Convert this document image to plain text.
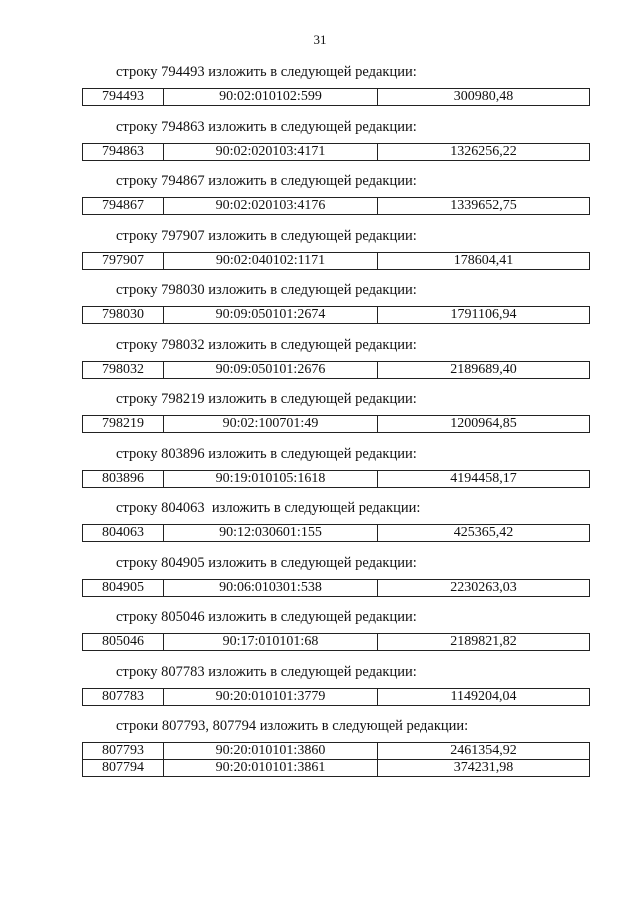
31
строку 794493 изложить в следующей редакции:
794493	90:02:010102:599	300980,48
строку 794863 изложить в следующей редакции:
794863	90:02:020103:4171	1326256,22
строку 794867 изложить в следующей редакции:
794867	90:02:020103:4176	1339652,75
строку 797907 изложить в следующей редакции:
797907	90:02:040102:1171	178604,41
строку 798030 изложить в следующей редакции:
798030	90:09:050101:2674	1791106,94
строку 798032 изложить в следующей редакции:
798032	90:09:050101:2676	2189689,40
строку 798219 изложить в следующей редакции:
798219	90:02:100701:49	1200964,85
строку 803896 изложить в следующей редакции:
803896	90:19:010105:1618	4194458,17
строку 804063  изложить в следующей редакции:
804063	90:12:030601:155	425365,42
строку 804905 изложить в следующей редакции:
804905	90:06:010301:538	2230263,03
строку 805046 изложить в следующей редакции:
805046	90:17:010101:68	2189821,82
строку 807783 изложить в следующей редакции:
807783	90:20:010101:3779	1149204,04
строки 807793, 807794 изложить в следующей редакции:
807793	90:20:010101:3860	2461354,92
807794	90:20:010101:3861	374231,98
